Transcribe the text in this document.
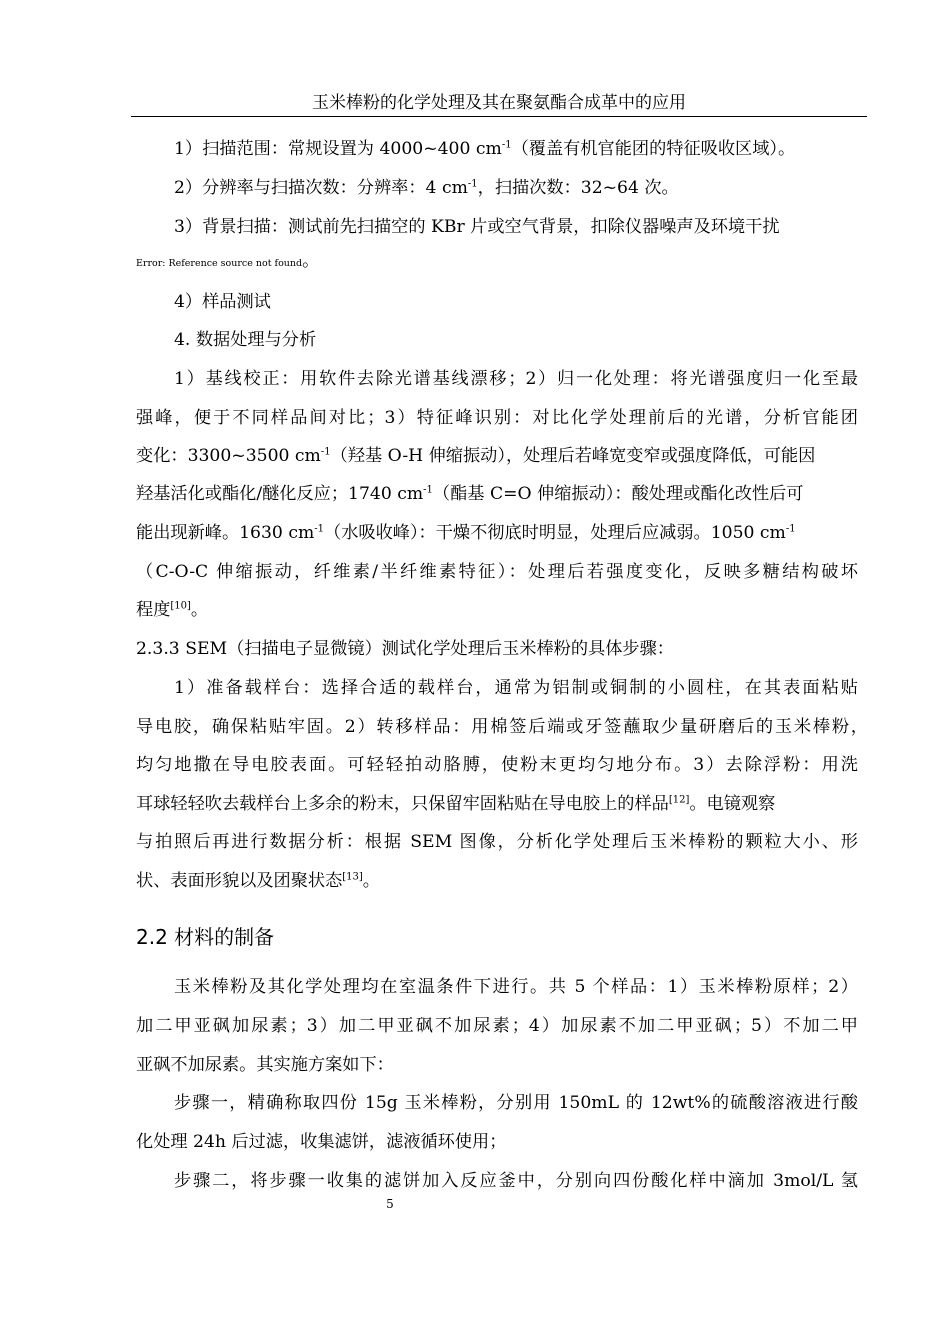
玉米棒粉的化学处理及其在聚氨酯合成革中的应用
1）扫描范围：常规设置为 4000~400 $cm^{-1}$（覆盖有机官能团的特征吸收区域）。
2）分辨率与扫描次数：分辨率：4 $cm^{-1}$，扫描次数：32~64 次。
3）背景扫描：测试前先扫描空的 KBr 片或空气背景，扣除仪器噪声及环境干扰
Error: Reference source not found。
4）样品测试
4. 数据处理与分析
1）基线校正：用软件去除光谱基线漂移；2）归一化处理：将光谱强度归一化至最
强峰，便于不同样品间对比；3）特征峰识别：对比化学处理前后的光谱，分析官能团
变化：3300~3500 $cm^{-1}$（羟基 O-H 伸缩振动），处理后若峰宽变窄或强度降低，可能因
羟基活化或酯化/醚化反应；1740 $cm^{-1}$（酯基 C=O 伸缩振动）：酸处理或酯化改性后可
能出现新峰。1630 $cm^{-1}$（水吸收峰）：干燥不彻底时明显，处理后应减弱。1050 $cm^{-1}$
（C-O-C 伸缩振动，纤维素/半纤维素特征）：处理后若强度变化，反映多糖结构破坏
程度[10]。
2.3.3 SEM（扫描电子显微镜）测试化学处理后玉米棒粉的具体步骤：
1）准备载样台：选择合适的载样台，通常为铝制或铜制的小圆柱，在其表面粘贴
导电胶，确保粘贴牢固。2）转移样品：用棉签后端或牙签蘸取少量研磨后的玉米棒粉，
均匀地撒在导电胶表面。可轻轻拍动胳膊，使粉末更均匀地分布。3）去除浮粉：用洗
耳球轻轻吹去载样台上多余的粉末，只保留牢固粘贴在导电胶上的样品[12]。电镜观察
与拍照后再进行数据分析：根据 SEM 图像，分析化学处理后玉米棒粉的颗粒大小、形
状、表面形貌以及团聚状态[13]。
2.2 材料的制备
玉米棒粉及其化学处理均在室温条件下进行。共 5 个样品：1）玉米棒粉原样；2）
加二甲亚砜加尿素；3）加二甲亚砜不加尿素；4）加尿素不加二甲亚砜；5）不加二甲
亚砜不加尿素。其实施方案如下：
步骤一，精确称取四份 15g 玉米棒粉，分别用 150mL 的 12wt%的硫酸溶液进行酸
化处理 24h 后过滤，收集滤饼，滤液循环使用；
步骤二，将步骤一收集的滤饼加入反应釜中，分别向四份酸化样中滴加 3mol/L 氢
5
